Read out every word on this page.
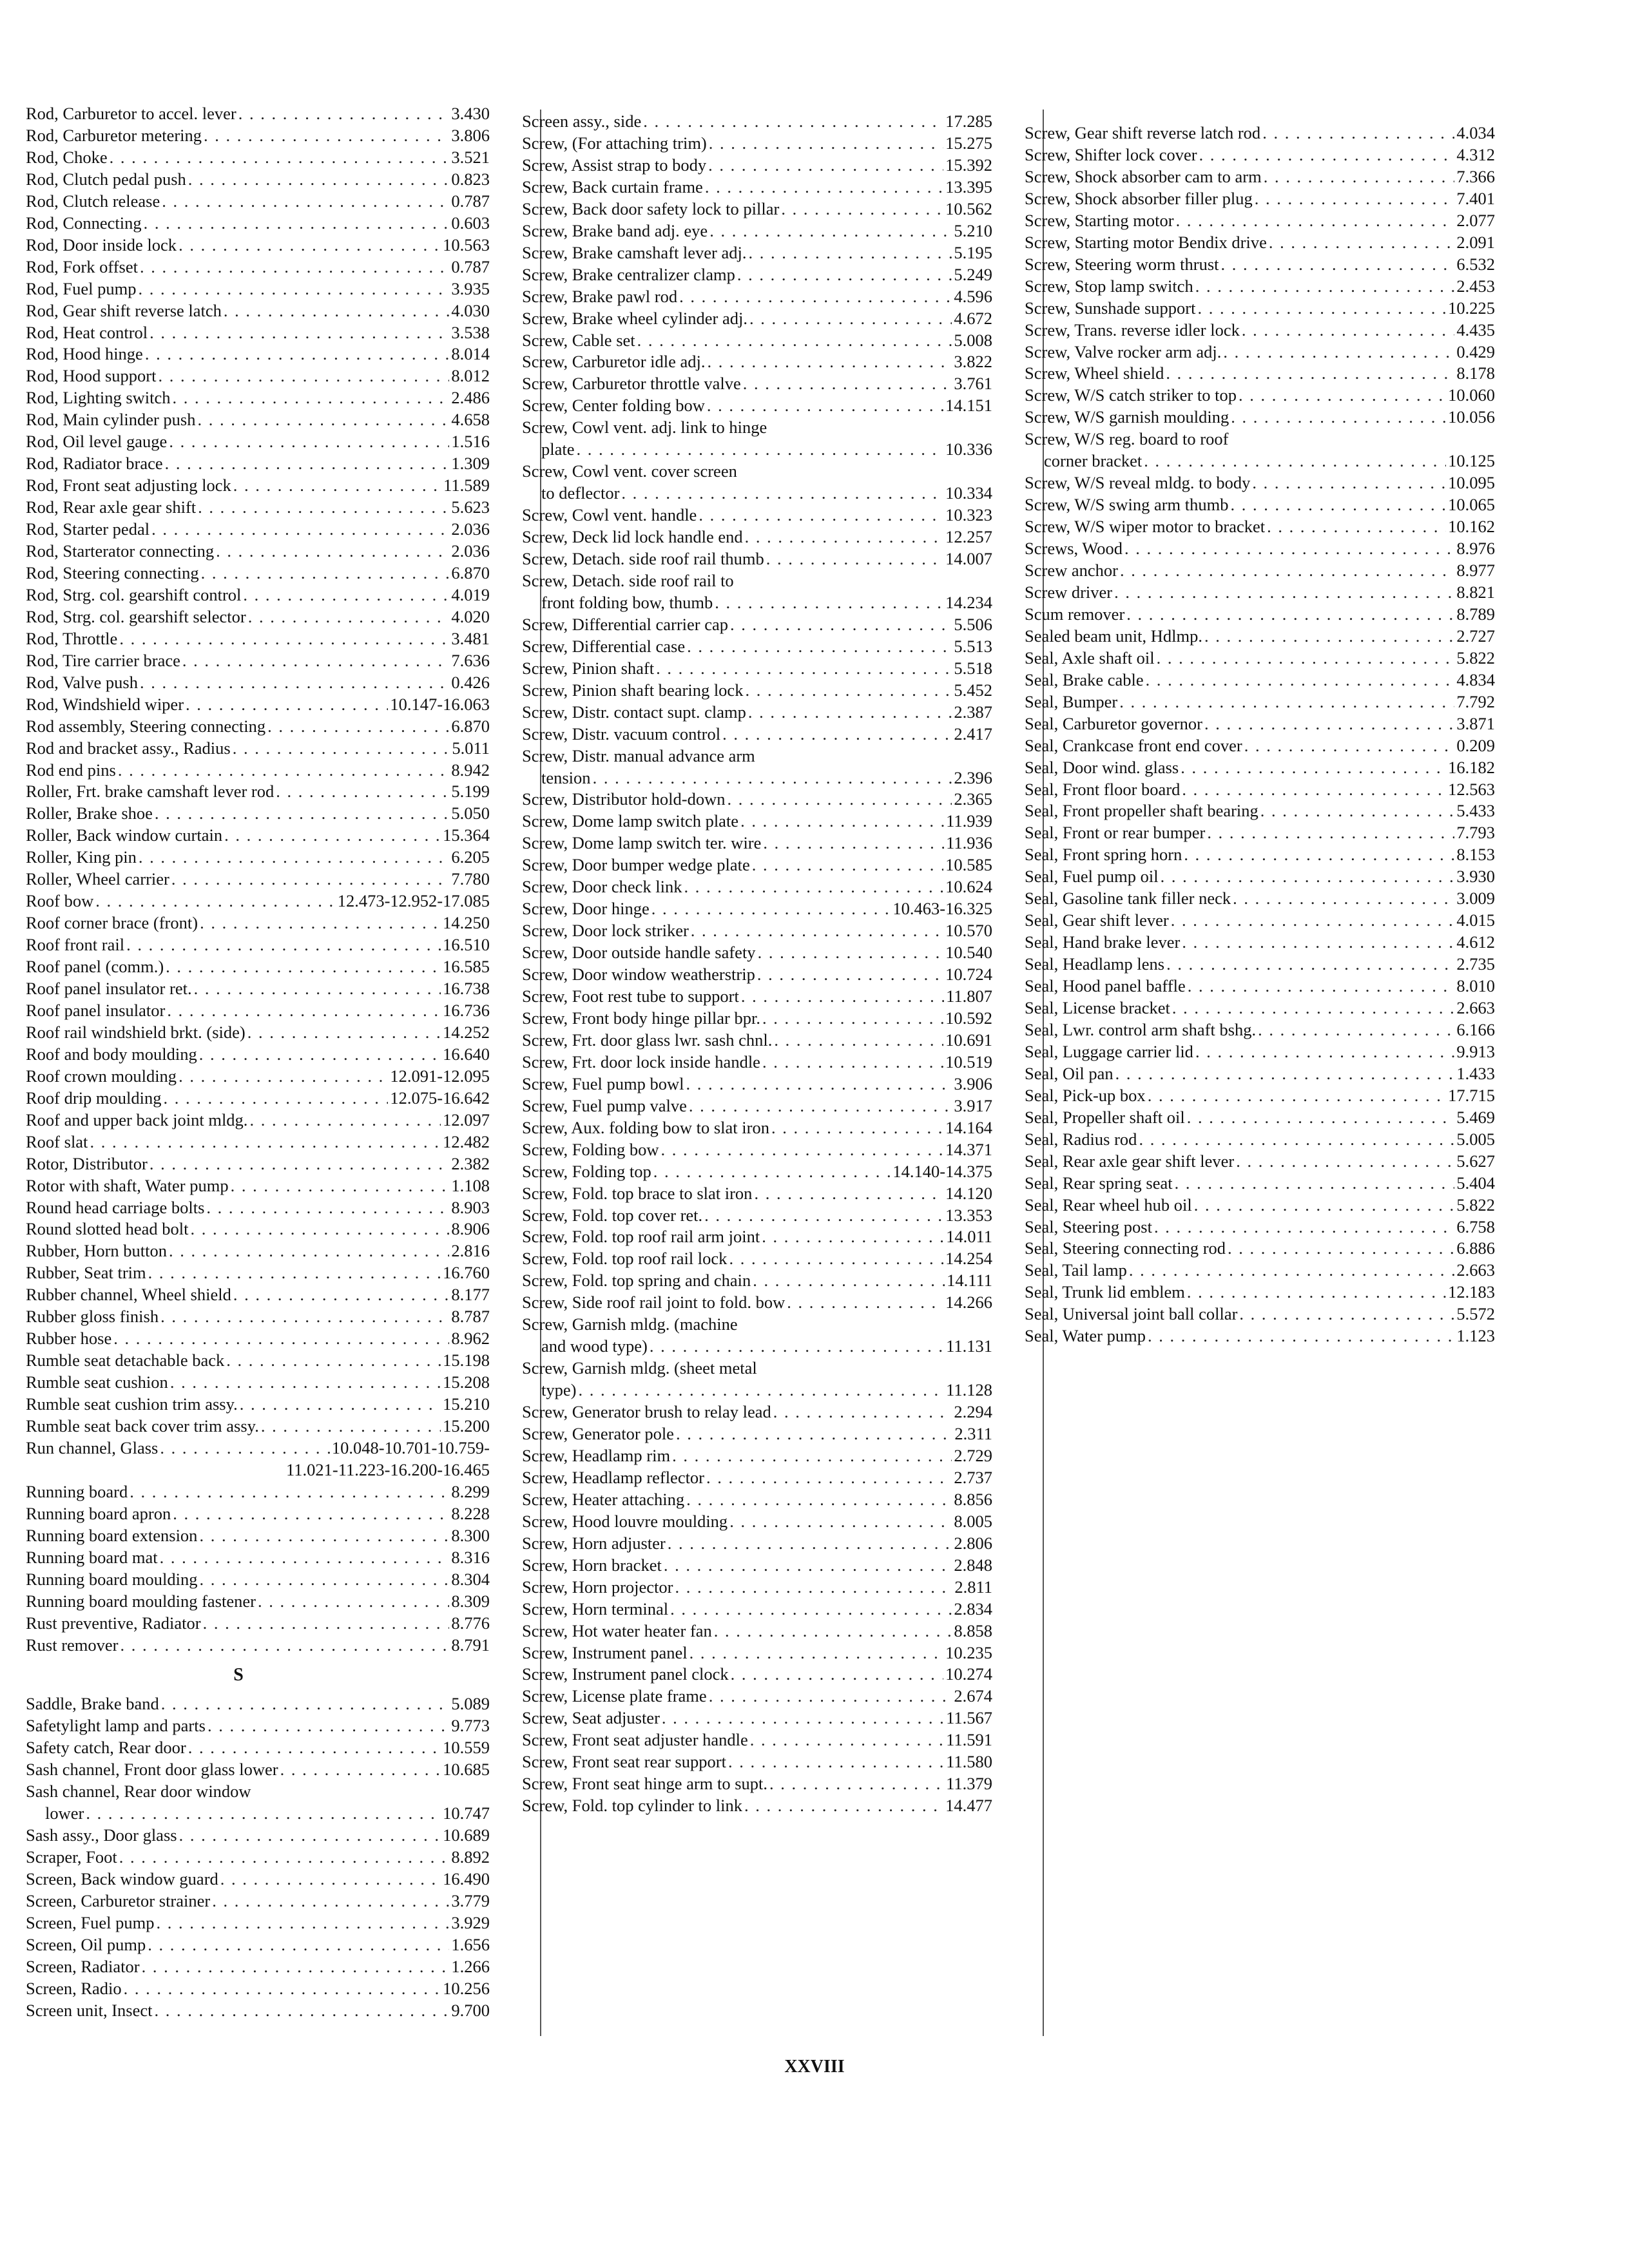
Rod, Carburetor to accel. lever . . .	3.430
Rod, Carburetor metering . . .	3.806
Rod, Choke . . .	3.521
Rod, Clutch pedal push . . .	0.823
Rod, Clutch release . . .	0.787
Rod, Connecting . . .	0.603
Rod, Door inside lock . . .	10.563
Rod, Fork offset . . .	0.787
Rod, Fuel pump . . .	3.935
Rod, Gear shift reverse latch . . .	4.030
Rod, Heat control . . .	3.538
Rod, Hood hinge . . .	8.014
Rod, Hood support . . .	8.012
Rod, Lighting switch . . .	2.486
Rod, Main cylinder push . . .	4.658
Rod, Oil level gauge . . .	1.516
Rod, Radiator brace . . .	1.309
Rod, Front seat adjusting lock . . .	11.589
Rod, Rear axle gear shift . . .	5.623
Rod, Starter pedal . . .	2.036
Rod, Starterator connecting . . .	2.036
Rod, Steering connecting . . .	6.870
Rod, Strg. col. gearshift control . . .	4.019
Rod, Strg. col. gearshift selector . . .	4.020
Rod, Throttle . . .	3.481
Rod, Tire carrier brace . . .	7.636
Rod, Valve push . . .	0.426
Rod, Windshield wiper . . .	10.147-16.063
Rod assembly, Steering connecting . . .	6.870
Rod and bracket assy., Radius . . .	5.011
Rod end pins . . .	8.942
Roller, Frt. brake camshaft lever rod . . .	5.199
Roller, Brake shoe . . .	5.050
Roller, Back window curtain . . .	15.364
Roller, King pin . . .	6.205
Roller, Wheel carrier . . .	7.780
Roof bow . . .	12.473-12.952-17.085
Roof corner brace (front) . . .	14.250
Roof front rail . . .	16.510
Roof panel (comm.) . . .	16.585
Roof panel insulator ret. . . .	16.738
Roof panel insulator . . .	16.736
Roof rail windshield brkt. (side) . . .	14.252
Roof and body moulding . . .	16.640
Roof crown moulding . . .	12.091-12.095
Roof drip moulding . . .	12.075-16.642
Roof and upper back joint mldg. . . .	12.097
Roof slat . . .	12.482
Rotor, Distributor . . .	2.382
Rotor with shaft, Water pump . . .	1.108
Round head carriage bolts . . .	8.903
Round slotted head bolt . . .	8.906
Rubber, Horn button . . .	2.816
Rubber, Seat trim . . .	16.760
Rubber channel, Wheel shield . . .	8.177
Rubber gloss finish . . .	8.787
Rubber hose . . .	8.962
Rumble seat detachable back . . .	15.198
Rumble seat cushion . . .	15.208
Rumble seat cushion trim assy. . . .	15.210
Rumble seat back cover trim assy. . . .	15.200
Run channel, Glass . . .	10.048-10.701-10.759-
11.021-11.223-16.200-16.465
Running board . . .	8.299
Running board apron . . .	8.228
Running board extension . . .	8.300
Running board mat . . .	8.316
Running board moulding . . .	8.304
Running board moulding fastener . . .	8.309
Rust preventive, Radiator . . .	8.776
Rust remover . . .	8.791
S
Saddle, Brake band . . .	5.089
Safetylight lamp and parts . . .	9.773
Safety catch, Rear door . . .	10.559
Sash channel, Front door glass lower . . .	10.685
Sash channel, Rear door window
lower . . .	10.747
Sash assy., Door glass . . .	10.689
Scraper, Foot . . .	8.892
Screen, Back window guard . . .	16.490
Screen, Carburetor strainer . . .	3.779
Screen, Fuel pump . . .	3.929
Screen, Oil pump . . .	1.656
Screen, Radiator . . .	1.266
Screen, Radio . . .	10.256
Screen unit, Insect . . .	9.700
Screen assy., side . . .	17.285
Screw, (For attaching trim) . . .	15.275
Screw, Assist strap to body . . .	15.392
Screw, Back curtain frame . . .	13.395
Screw, Back door safety lock to pillar . . .	10.562
Screw, Brake band adj. eye . . .	5.210
Screw, Brake camshaft lever adj. . . .	5.195
Screw, Brake centralizer clamp . . .	5.249
Screw, Brake pawl rod . . .	4.596
Screw, Brake wheel cylinder adj. . . .	4.672
Screw, Cable set . . .	5.008
Screw, Carburetor idle adj. . . .	3.822
Screw, Carburetor throttle valve . . .	3.761
Screw, Center folding bow . . .	14.151
Screw, Cowl vent. adj. link to hinge
plate . . .	10.336
Screw, Cowl vent. cover screen
to deflector . . .	10.334
Screw, Cowl vent. handle . . .	10.323
Screw, Deck lid lock handle end . . .	12.257
Screw, Detach. side roof rail thumb . . .	14.007
Screw, Detach. side roof rail to
front folding bow, thumb . . .	14.234
Screw, Differential carrier cap . . .	5.506
Screw, Differential case . . .	5.513
Screw, Pinion shaft . . .	5.518
Screw, Pinion shaft bearing lock . . .	5.452
Screw, Distr. contact supt. clamp . . .	2.387
Screw, Distr. vacuum control . . .	2.417
Screw, Distr. manual advance arm
tension . . .	2.396
Screw, Distributor hold-down . . .	2.365
Screw, Dome lamp switch plate . . .	11.939
Screw, Dome lamp switch ter. wire . . .	11.936
Screw, Door bumper wedge plate . . .	10.585
Screw, Door check link . . .	10.624
Screw, Door hinge . . .	10.463-16.325
Screw, Door lock striker . . .	10.570
Screw, Door outside handle safety . . .	10.540
Screw, Door window weatherstrip . . .	10.724
Screw, Foot rest tube to support . . .	11.807
Screw, Front body hinge pillar bpr. . . .	10.592
Screw, Frt. door glass lwr. sash chnl. . . .	10.691
Screw, Frt. door lock inside handle . . .	10.519
Screw, Fuel pump bowl . . .	3.906
Screw, Fuel pump valve . . .	3.917
Screw, Aux. folding bow to slat iron . . .	14.164
Screw, Folding bow . . .	14.371
Screw, Folding top . . .	14.140-14.375
Screw, Fold. top brace to slat iron . . .	14.120
Screw, Fold. top cover ret. . . .	13.353
Screw, Fold. top roof rail arm joint . . .	14.011
Screw, Fold. top roof rail lock . . .	14.254
Screw, Fold. top spring and chain . . .	14.111
Screw, Side roof rail joint to fold. bow . . .	14.266
Screw, Garnish mldg. (machine
and wood type) . . .	11.131
Screw, Garnish mldg. (sheet metal
type) . . .	11.128
Screw, Generator brush to relay lead . . .	2.294
Screw, Generator pole . . .	2.311
Screw, Headlamp rim . . .	2.729
Screw, Headlamp reflector . . .	2.737
Screw, Heater attaching . . .	8.856
Screw, Hood louvre moulding . . .	8.005
Screw, Horn adjuster . . .	2.806
Screw, Horn bracket . . .	2.848
Screw, Horn projector . . .	2.811
Screw, Horn terminal . . .	2.834
Screw, Hot water heater fan . . .	8.858
Screw, Instrument panel . . .	10.235
Screw, Instrument panel clock . . .	10.274
Screw, License plate frame . . .	2.674
Screw, Seat adjuster . . .	11.567
Screw, Front seat adjuster handle . . .	11.591
Screw, Front seat rear support . . .	11.580
Screw, Front seat hinge arm to supt. . . .	11.379
Screw, Fold. top cylinder to link . . .	14.477
Screw, Gear shift reverse latch rod . . .	4.034
Screw, Shifter lock cover . . .	4.312
Screw, Shock absorber cam to arm . . .	7.366
Screw, Shock absorber filler plug . . .	7.401
Screw, Starting motor . . .	2.077
Screw, Starting motor Bendix drive . . .	2.091
Screw, Steering worm thrust . . .	6.532
Screw, Stop lamp switch . . .	2.453
Screw, Sunshade support . . .	10.225
Screw, Trans. reverse idler lock . . .	4.435
Screw, Valve rocker arm adj. . . .	0.429
Screw, Wheel shield . . .	8.178
Screw, W/S catch striker to top . . .	10.060
Screw, W/S garnish moulding . . .	10.056
Screw, W/S reg. board to roof
corner bracket . . .	10.125
Screw, W/S reveal mldg. to body . . .	10.095
Screw, W/S swing arm thumb . . .	10.065
Screw, W/S wiper motor to bracket . . .	10.162
Screws, Wood . . .	8.976
Screw anchor . . .	8.977
Screw driver . . .	8.821
Scum remover . . .	8.789
Sealed beam unit, Hdlmp. . . .	2.727
Seal, Axle shaft oil . . .	5.822
Seal, Brake cable . . .	4.834
Seal, Bumper . . .	7.792
Seal, Carburetor governor . . .	3.871
Seal, Crankcase front end cover . . .	0.209
Seal, Door wind. glass . . .	16.182
Seal, Front floor board . . .	12.563
Seal, Front propeller shaft bearing . . .	5.433
Seal, Front or rear bumper . . .	7.793
Seal, Front spring horn . . .	8.153
Seal, Fuel pump oil . . .	3.930
Seal, Gasoline tank filler neck . . .	3.009
Seal, Gear shift lever . . .	4.015
Seal, Hand brake lever . . .	4.612
Seal, Headlamp lens . . .	2.735
Seal, Hood panel baffle . . .	8.010
Seal, License bracket . . .	2.663
Seal, Lwr. control arm shaft bshg. . . .	6.166
Seal, Luggage carrier lid . . .	9.913
Seal, Oil pan . . .	1.433
Seal, Pick-up box . . .	17.715
Seal, Propeller shaft oil . . .	5.469
Seal, Radius rod . . .	5.005
Seal, Rear axle gear shift lever . . .	5.627
Seal, Rear spring seat . . .	5.404
Seal, Rear wheel hub oil . . .	5.822
Seal, Steering post . . .	6.758
Seal, Steering connecting rod . . .	6.886
Seal, Tail lamp . . .	2.663
Seal, Trunk lid emblem . . .	12.183
Seal, Universal joint ball collar . . .	5.572
Seal, Water pump . . .	1.123
XXVIII
